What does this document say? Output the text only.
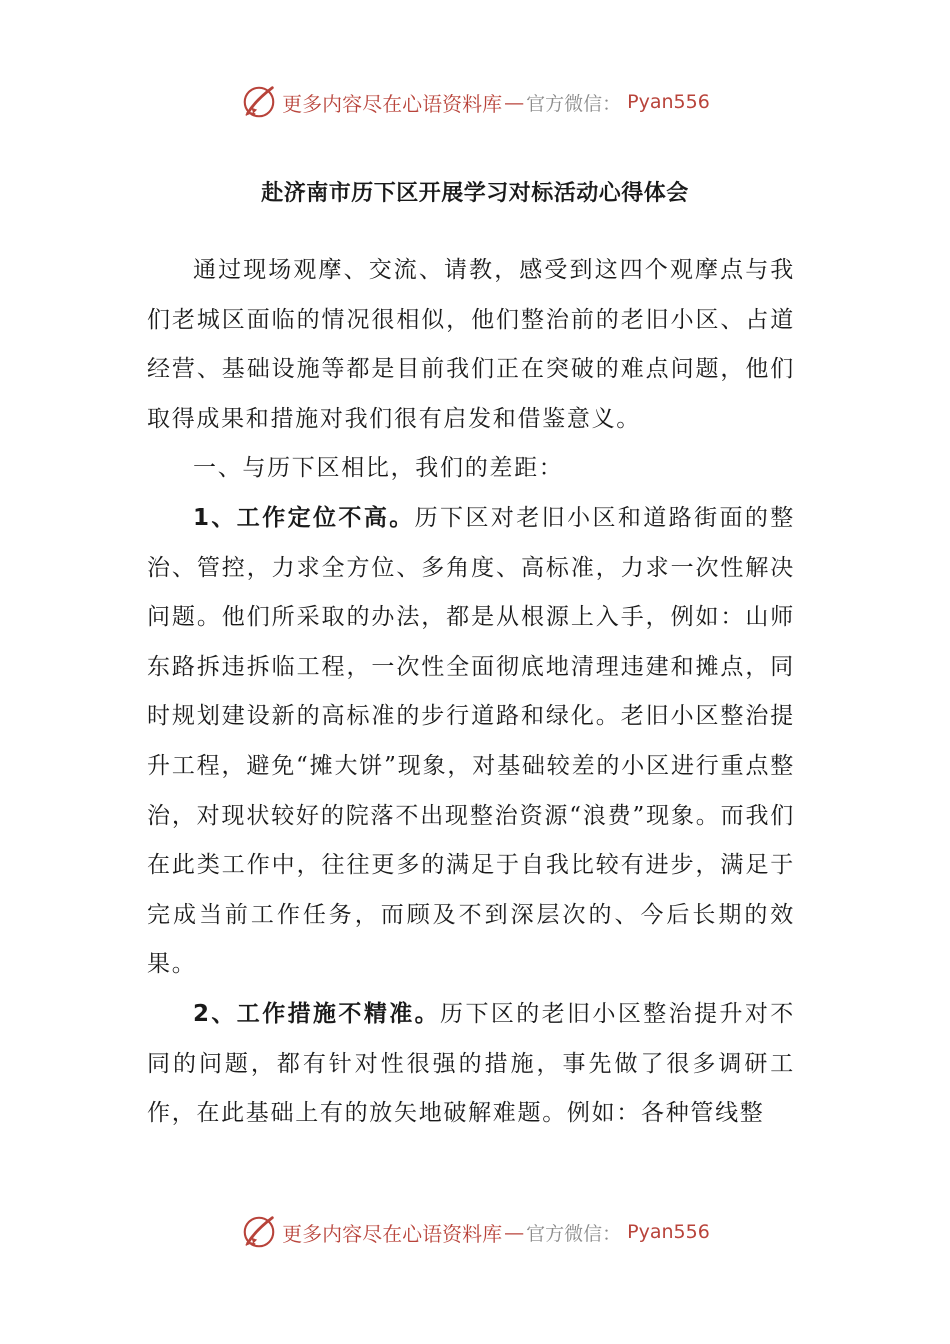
更多内容尽在心语资料库 — 官方微信： Pyan556
赴济南市历下区开展学习对标活动心得体会

通过现场观摩、交流、请教，感受到这四个观摩点与我们老城区面临的情况很相似，他们整治前的老旧小区、占道经营、基础设施等都是目前我们正在突破的难点问题，他们取得成果和措施对我们很有启发和借鉴意义。

一、与历下区相比，我们的差距：

1、工作定位不高。历下区对老旧小区和道路街面的整治、管控，力求全方位、多角度、高标准，力求一次性解决问题。他们所采取的办法，都是从根源上入手，例如：山师东路拆违拆临工程，一次性全面彻底地清理违建和摊点，同时规划建设新的高标准的步行道路和绿化。老旧小区整治提升工程，避免“摊大饼”现象，对基础较差的小区进行重点整治，对现状较好的院落不出现整治资源“浪费”现象。而我们在此类工作中，往往更多的满足于自我比较有进步，满足于完成当前工作任务，而顾及不到深层次的、今后长期的效果。

2、工作措施不精准。历下区的老旧小区整治提升对不同的问题，都有针对性很强的措施，事先做了很多调研工作，在此基础上有的放矢地破解难题。例如：各种管线整

更多内容尽在心语资料库 — 官方微信： Pyan556
